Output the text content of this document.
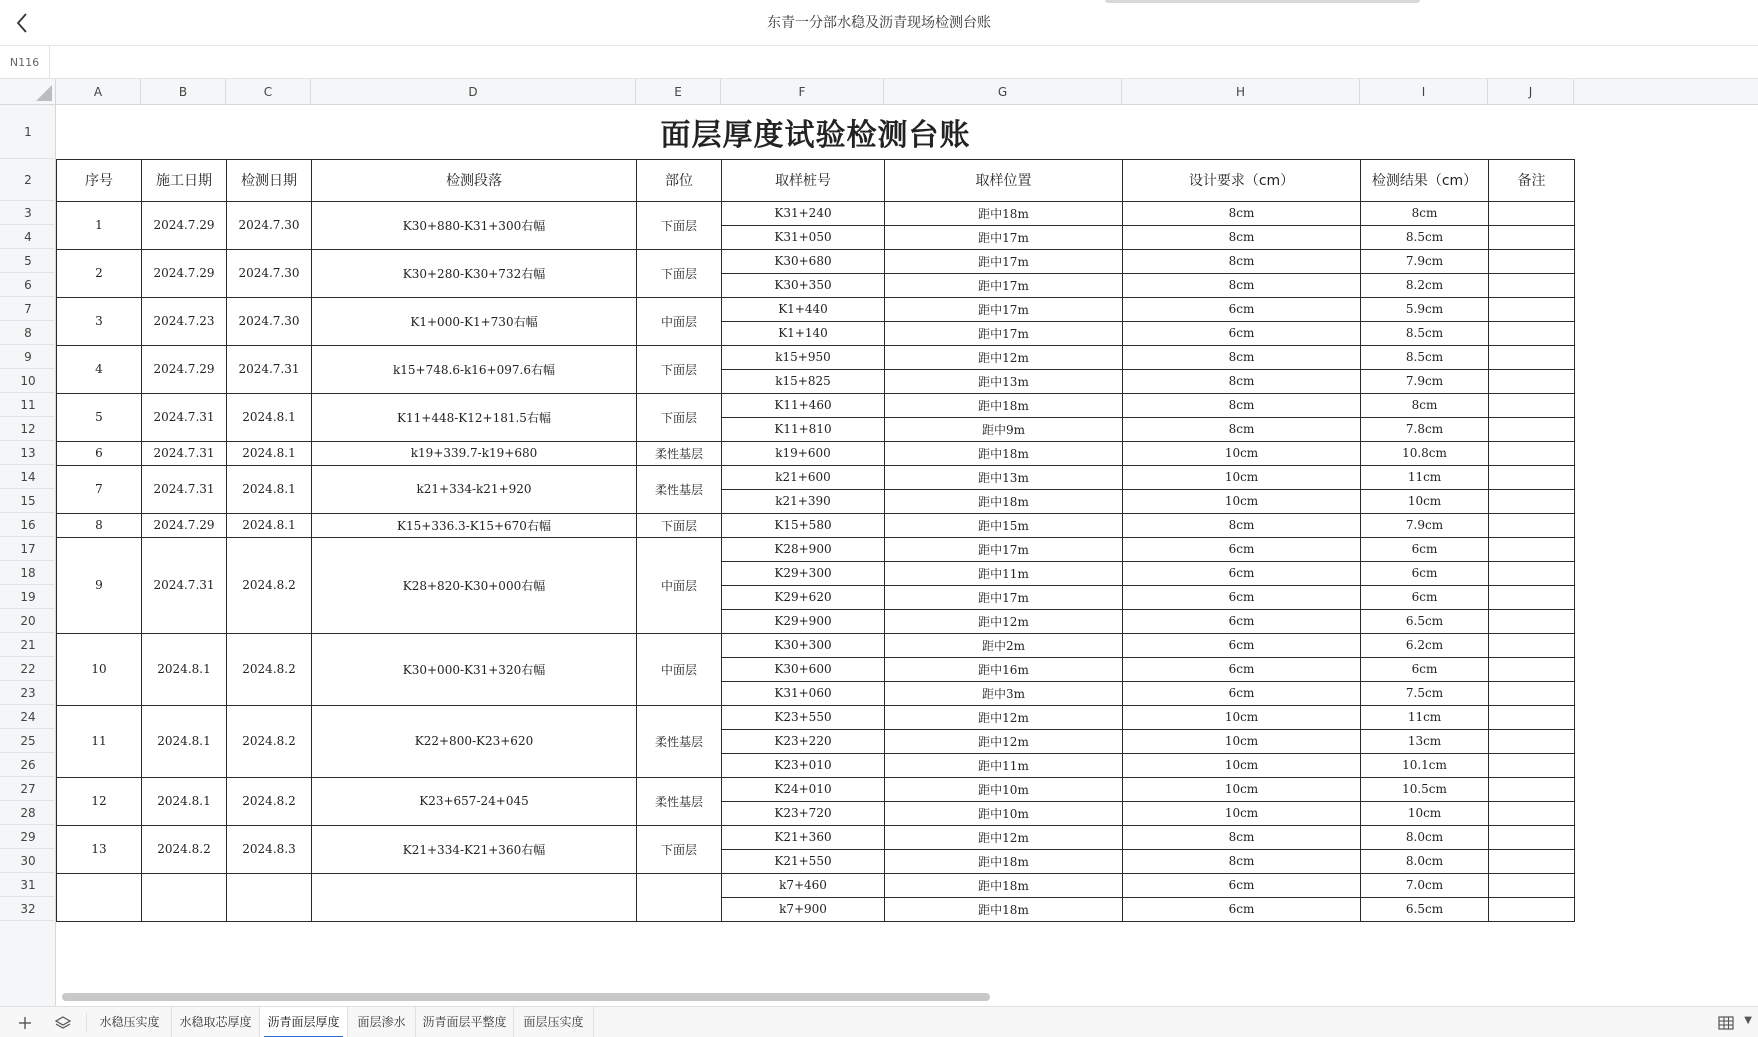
东青一分部水稳及沥青现场检测台账
N116
A	B	C	D	E	F	G	H	I	J
1
2
3
4
5
6
7
8
9
10
11
12
13
14
15
16
17
18
19
20
21
22
23
24
25
26
27
28
29
30
31
32
面层厚度试验检测台账									
序号	施工日期	检测日期	检测段落	部位	取样桩号	取样位置	设计要求（cm）	检测结果（cm）	备注
1	2024.7.29	2024.7.30	K30+880-K31+300右幅	下面层	K31+240	距中18m	8cm	8cm	
					K31+050	距中17m	8cm	8.5cm	
2	2024.7.29	2024.7.30	K30+280-K30+732右幅	下面层	K30+680	距中17m	8cm	7.9cm	
					K30+350	距中17m	8cm	8.2cm	
3	2024.7.23	2024.7.30	K1+000-K1+730右幅	中面层	K1+440	距中17m	6cm	5.9cm	
					K1+140	距中17m	6cm	8.5cm	
4	2024.7.29	2024.7.31	k15+748.6-k16+097.6右幅	下面层	k15+950	距中12m	8cm	8.5cm	
					k15+825	距中13m	8cm	7.9cm	
5	2024.7.31	2024.8.1	K11+448-K12+181.5右幅	下面层	K11+460	距中18m	8cm	8cm	
					K11+810	距中9m	8cm	7.8cm	
6	2024.7.31	2024.8.1	k19+339.7-k19+680	柔性基层	k19+600	距中18m	10cm	10.8cm	
7	2024.7.31	2024.8.1	k21+334-k21+920	柔性基层	k21+600	距中13m	10cm	11cm	
					k21+390	距中18m	10cm	10cm	
8	2024.7.29	2024.8.1	K15+336.3-K15+670右幅	下面层	K15+580	距中15m	8cm	7.9cm	
9	2024.7.31	2024.8.2	K28+820-K30+000右幅	中面层	K28+900	距中17m	6cm	6cm	
					K29+300	距中11m	6cm	6cm	
					K29+620	距中17m	6cm	6cm	
					K29+900	距中12m	6cm	6.5cm	
10	2024.8.1	2024.8.2	K30+000-K31+320右幅	中面层	K30+300	距中2m	6cm	6.2cm	
					K30+600	距中16m	6cm	6cm	
					K31+060	距中3m	6cm	7.5cm	
11	2024.8.1	2024.8.2	K22+800-K23+620	柔性基层	K23+550	距中12m	10cm	11cm	
					K23+220	距中12m	10cm	13cm	
					K23+010	距中11m	10cm	10.1cm	
12	2024.8.1	2024.8.2	K23+657-24+045	柔性基层	K24+010	距中10m	10cm	10.5cm	
					K23+720	距中10m	10cm	10cm	
13	2024.8.2	2024.8.3	K21+334-K21+360右幅	下面层	K21+360	距中12m	8cm	8.0cm	
					K21+550	距中18m	8cm	8.0cm	
					k7+460	距中18m	6cm	7.0cm	
					k7+900	距中18m	6cm	6.5cm	
水稳压实度	水稳取芯厚度	沥青面层厚度	面层渗水	沥青面层平整度	面层压实度	▼
